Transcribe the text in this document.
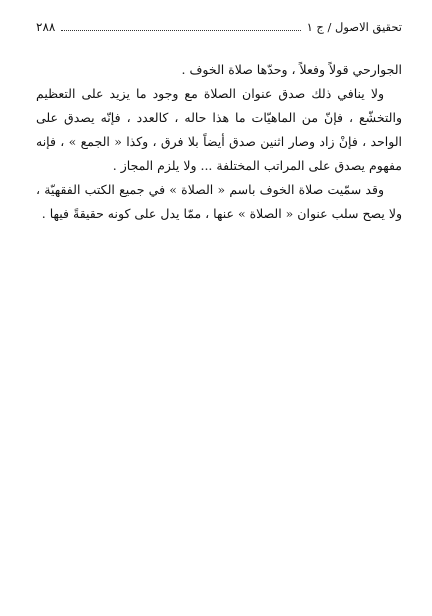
تحقيق الاصول / ج ١
٢٨٨

الجوارحي قولاً وفعلاً ، وحدّها صلاة الخوف .

ولا ينافي ذلك صدق عنوان الصلاة مع وجود ما يزيد على التعظيم والتخشّع ، فإنّ من الماهيّات ما هذا حاله ، كالعدد ، فإنّه يصدق على الواحد ، فإنْ زاد وصار اثنين صدق أيضاً بلا فرق ، وكذا « الجمع » ، فإنه مفهوم يصدق على المراتب المختلفة ... ولا يلزم المجاز .

وقد سمّيت صلاة الخوف باسم « الصلاة » في جميع الكتب الفقهيّة ، ولا يصح سلب عنوان « الصلاة » عنها ، ممّا يدل على كونه حقيقةً فيها .
